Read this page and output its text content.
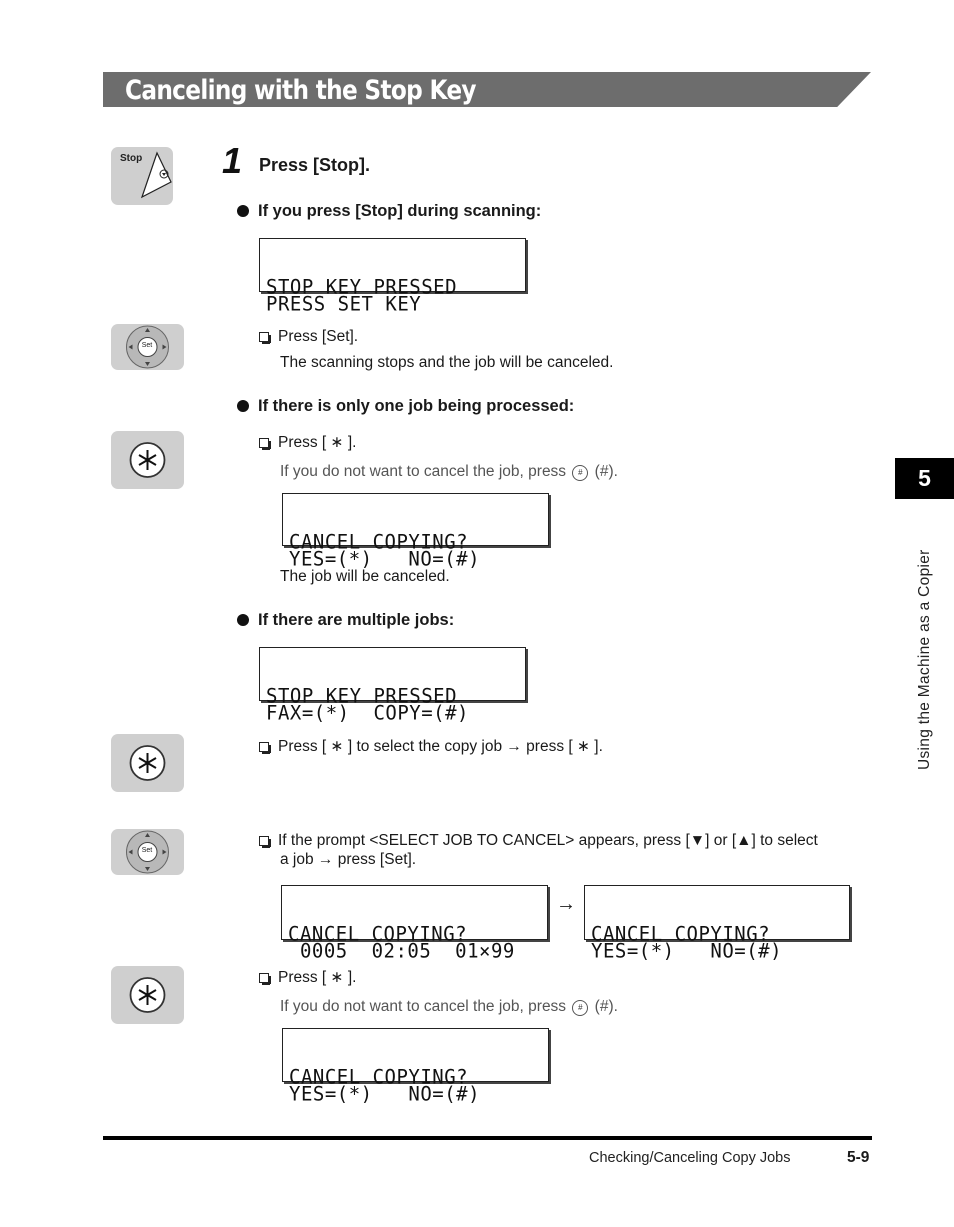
Canceling with the Stop Key
Stop 1 Press [Stop].
If you press [Stop] during scanning:

STOP KEY PRESSED
PRESS SET KEY

Set
Press [Set].
The scanning stops and the job will be canceled.
If there is only one job being processed:
Press [ ∗ ].
If you do not want to cancel the job, press # (#).

CANCEL COPYING?
YES=(*)   NO=(#)

The job will be canceled.
If there are multiple jobs:

STOP KEY PRESSED
FAX=(*)  COPY=(#)

Press [ ∗ ] to select the copy job → press [ ∗ ].
Set
If the prompt <SELECT JOB TO CANCEL> appears, press [▼] or [▲] to select
a job → press [Set].

CANCEL COPYING?
0005  02:05  01×99

→

CANCEL COPYING?
YES=(*)   NO=(#)

Press [ ∗ ].
If you do not want to cancel the job, press # (#).

CANCEL COPYING?
YES=(*)   NO=(#)

5
Using the Machine as a Copier
Checking/Canceling Copy Jobs	5-9
